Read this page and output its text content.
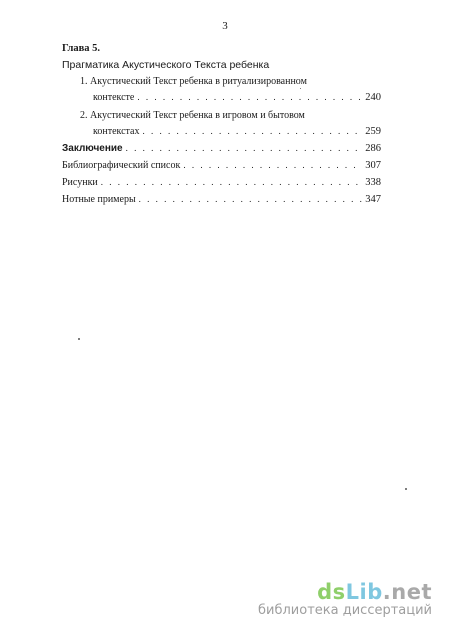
3
Глава 5.
Прагматика Акустического Текста ребенка
1. Акустический Текст ребенка в ритуализированном
контексте . . .	240
2. Акустический Текст ребенка в игровом и бытовом
контекстах . . .	259
Заключение . . .	286
Библиографический список . . .	307
Рисунки . . .	338
Нотные примеры . . .	347
dsLib.net
библиотека диссертаций
